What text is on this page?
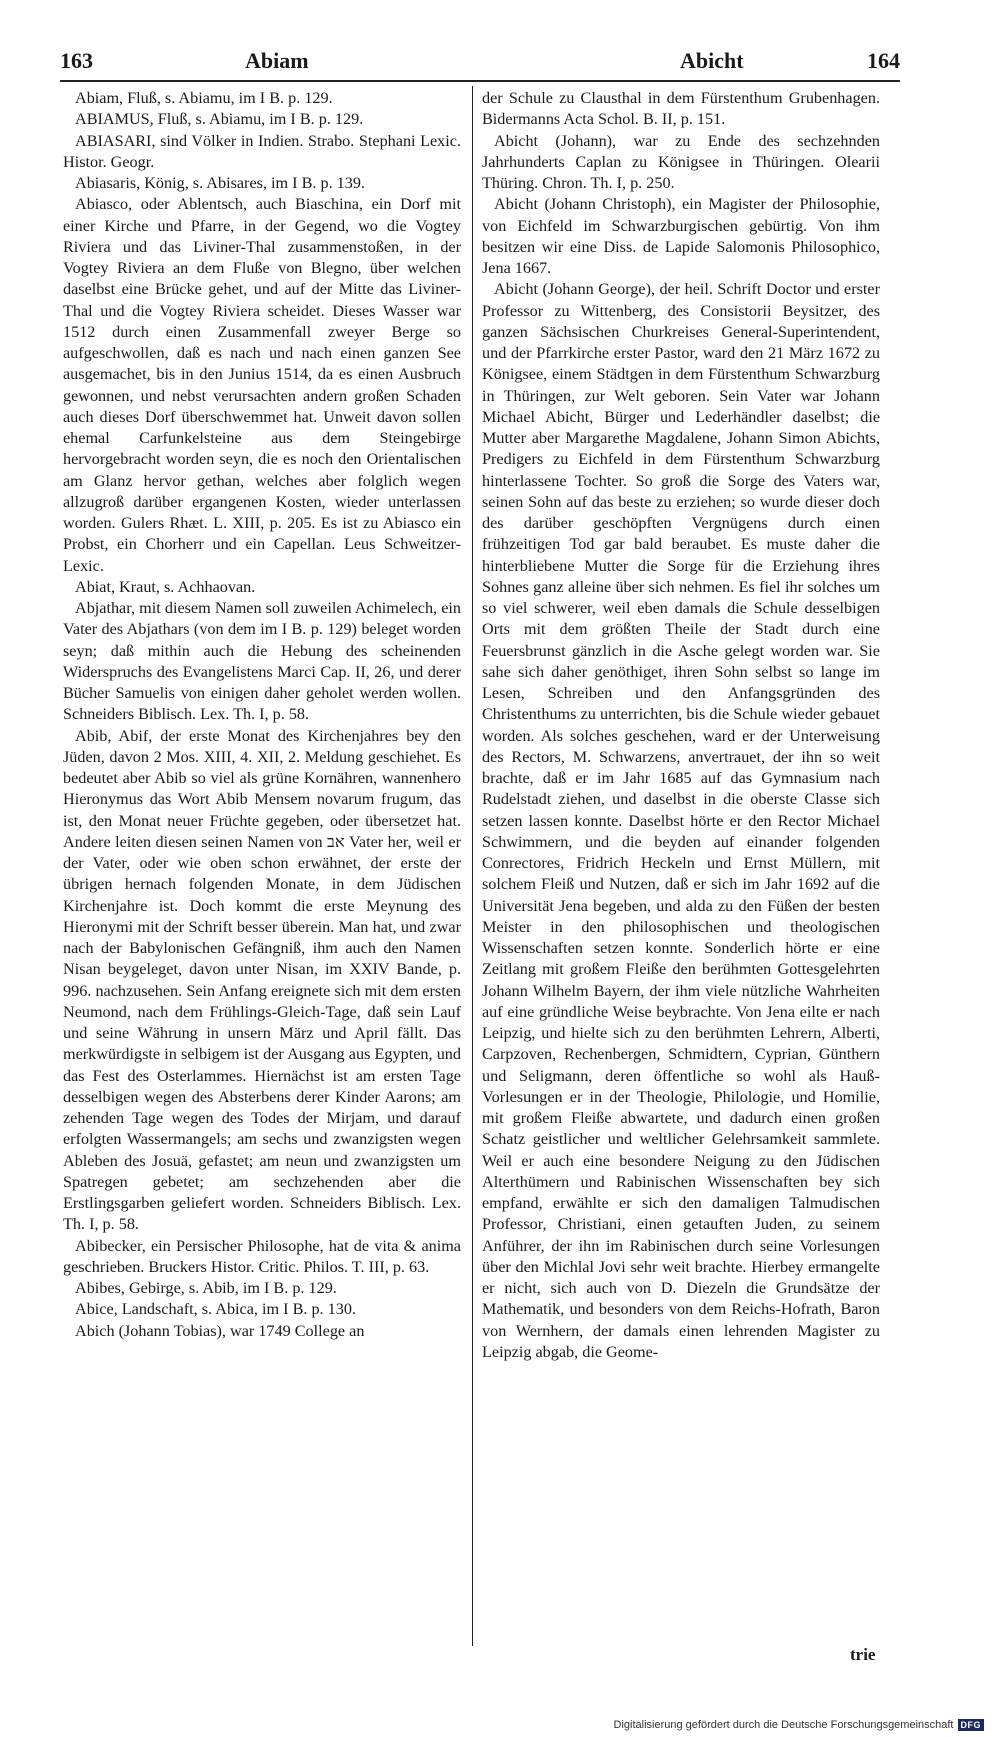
163	Abiam	Abicht	164

Abiam, Fluß, s. Abiamu, im I B. p. 129.

ABIAMUS, Fluß, s. Abiamu, im I B. p. 129.

ABIASARI, sind Völker in Indien. Strabo. Stephani Lexic. Histor. Geogr.

Abiasaris, König, s. Abisares, im I B. p. 139.

Abiasco, oder Ablentsch, auch Biaschina, ein Dorf mit einer Kirche und Pfarre, in der Gegend, wo die Vogtey Riviera und das Liviner-Thal zusammenstoßen, in der Vogtey Riviera an dem Fluße von Blegno, über welchen daselbst eine Brücke gehet, und auf der Mitte das Liviner-Thal und die Vogtey Riviera scheidet. Dieses Wasser war 1512 durch einen Zusammenfall zweyer Berge so aufgeschwollen, daß es nach und nach einen ganzen See ausgemachet, bis in den Junius 1514, da es einen Ausbruch gewonnen, und nebst verursachten andern großen Schaden auch dieses Dorf überschwemmet hat. Unweit davon sollen ehemal Carfunkelsteine aus dem Steingebirge hervorgebracht worden seyn, die es noch den Orientalischen am Glanz hervor gethan, welches aber folglich wegen allzugroß darüber ergangenen Kosten, wieder unterlassen worden. Gulers Rhæt. L. XIII, p. 205. Es ist zu Abiasco ein Probst, ein Chorherr und ein Capellan. Leus Schweitzer-Lexic.

Abiat, Kraut, s. Achhaovan.

Abjathar, mit diesem Namen soll zuweilen Achimelech, ein Vater des Abjathars (von dem im I B. p. 129) beleget worden seyn; daß mithin auch die Hebung des scheinenden Widerspruchs des Evangelistens Marci Cap. II, 26, und derer Bücher Samuelis von einigen daher geholet werden wollen. Schneiders Biblisch. Lex. Th. I, p. 58.

Abib, Abif, der erste Monat des Kirchenjahres bey den Jüden, davon 2 Mos. XIII, 4. XII, 2. Meldung geschiehet. Es bedeutet aber Abib so viel als grüne Kornähren, wannenhero Hieronymus das Wort Abib Mensem novarum frugum, das ist, den Monat neuer Früchte gegeben, oder übersetzet hat. Andere leiten diesen seinen Namen von אב Vater her, weil er der Vater, oder wie oben schon erwähnet, der erste der übrigen hernach folgenden Monate, in dem Jüdischen Kirchenjahre ist. Doch kommt die erste Meynung des Hieronymi mit der Schrift besser überein. Man hat, und zwar nach der Babylonischen Gefängniß, ihm auch den Namen Nisan beygeleget, davon unter Nisan, im XXIV Bande, p. 996. nachzusehen. Sein Anfang ereignete sich mit dem ersten Neumond, nach dem Frühlings-Gleich-Tage, daß sein Lauf und seine Währung in unsern März und April fällt. Das merkwürdigste in selbigem ist der Ausgang aus Egypten, und das Fest des Osterlammes. Hiernächst ist am ersten Tage desselbigen wegen des Absterbens derer Kinder Aarons; am zehenden Tage wegen des Todes der Mirjam, und darauf erfolgten Wassermangels; am sechs und zwanzigsten wegen Ableben des Josuä, gefastet; am neun und zwanzigsten um Spatregen gebetet; am sechzehenden aber die Erstlingsgarben geliefert worden. Schneiders Biblisch. Lex. Th. I, p. 58.

Abibecker, ein Persischer Philosophe, hat de vita & anima geschrieben. Bruckers Histor. Critic. Philos. T. III, p. 63.

Abibes, Gebirge, s. Abib, im I B. p. 129.

Abice, Landschaft, s. Abica, im I B. p. 130.

Abich (Johann Tobias), war 1749 College an

der Schule zu Clausthal in dem Fürstenthum Grubenhagen. Bidermanns Acta Schol. B. II, p. 151.

Abicht (Johann), war zu Ende des sechzehnden Jahrhunderts Caplan zu Königsee in Thüringen. Olearii Thüring. Chron. Th. I, p. 250.

Abicht (Johann Christoph), ein Magister der Philosophie, von Eichfeld im Schwarzburgischen gebürtig. Von ihm besitzen wir eine Diss. de Lapide Salomonis Philosophico, Jena 1667.

Abicht (Johann George), der heil. Schrift Doctor und erster Professor zu Wittenberg, des Consistorii Beysitzer, des ganzen Sächsischen Churkreises General-Superintendent, und der Pfarrkirche erster Pastor, ward den 21 März 1672 zu Königsee, einem Städtgen in dem Fürstenthum Schwarzburg in Thüringen, zur Welt geboren. Sein Vater war Johann Michael Abicht, Bürger und Lederhändler daselbst; die Mutter aber Margarethe Magdalene, Johann Simon Abichts, Predigers zu Eichfeld in dem Fürstenthum Schwarzburg hinterlassene Tochter. So groß die Sorge des Vaters war, seinen Sohn auf das beste zu erziehen; so wurde dieser doch des darüber geschöpften Vergnügens durch einen frühzeitigen Tod gar bald beraubet. Es muste daher die hinterbliebene Mutter die Sorge für die Erziehung ihres Sohnes ganz alleine über sich nehmen. Es fiel ihr solches um so viel schwerer, weil eben damals die Schule desselbigen Orts mit dem größten Theile der Stadt durch eine Feuersbrunst gänzlich in die Asche gelegt worden war. Sie sahe sich daher genöthiget, ihren Sohn selbst so lange im Lesen, Schreiben und den Anfangsgründen des Christenthums zu unterrichten, bis die Schule wieder gebauet worden. Als solches geschehen, ward er der Unterweisung des Rectors, M. Schwarzens, anvertrauet, der ihn so weit brachte, daß er im Jahr 1685 auf das Gymnasium nach Rudelstadt ziehen, und daselbst in die oberste Classe sich setzen lassen konnte. Daselbst hörte er den Rector Michael Schwimmern, und die beyden auf einander folgenden Conrectores, Fridrich Heckeln und Ernst Müllern, mit solchem Fleiß und Nutzen, daß er sich im Jahr 1692 auf die Universität Jena begeben, und alda zu den Füßen der besten Meister in den philosophischen und theologischen Wissenschaften setzen konnte. Sonderlich hörte er eine Zeitlang mit großem Fleiße den berühmten Gottesgelehrten Johann Wilhelm Bayern, der ihm viele nützliche Wahrheiten auf eine gründliche Weise beybrachte. Von Jena eilte er nach Leipzig, und hielte sich zu den berühmten Lehrern, Alberti, Carpzoven, Rechenbergen, Schmidtern, Cyprian, Günthern und Seligmann, deren öffentliche so wohl als Hauß-Vorlesungen er in der Theologie, Philologie, und Homilie, mit großem Fleiße abwartete, und dadurch einen großen Schatz geistlicher und weltlicher Gelehrsamkeit sammlete. Weil er auch eine besondere Neigung zu den Jüdischen Alterthümern und Rabinischen Wissenschaften bey sich empfand, erwählte er sich den damaligen Talmudischen Professor, Christiani, einen getauften Juden, zu seinem Anführer, der ihn im Rabinischen durch seine Vorlesungen über den Michlal Jovi sehr weit brachte. Hierbey ermangelte er nicht, sich auch von D. Diezeln die Grundsätze der Mathematik, und besonders von dem Reichs-Hofrath, Baron von Wernhern, der damals einen lehrenden Magister zu Leipzig abgab, die Geome-

trie
Digitalisierung gefördert durch die Deutsche Forschungsgemeinschaft DFG
